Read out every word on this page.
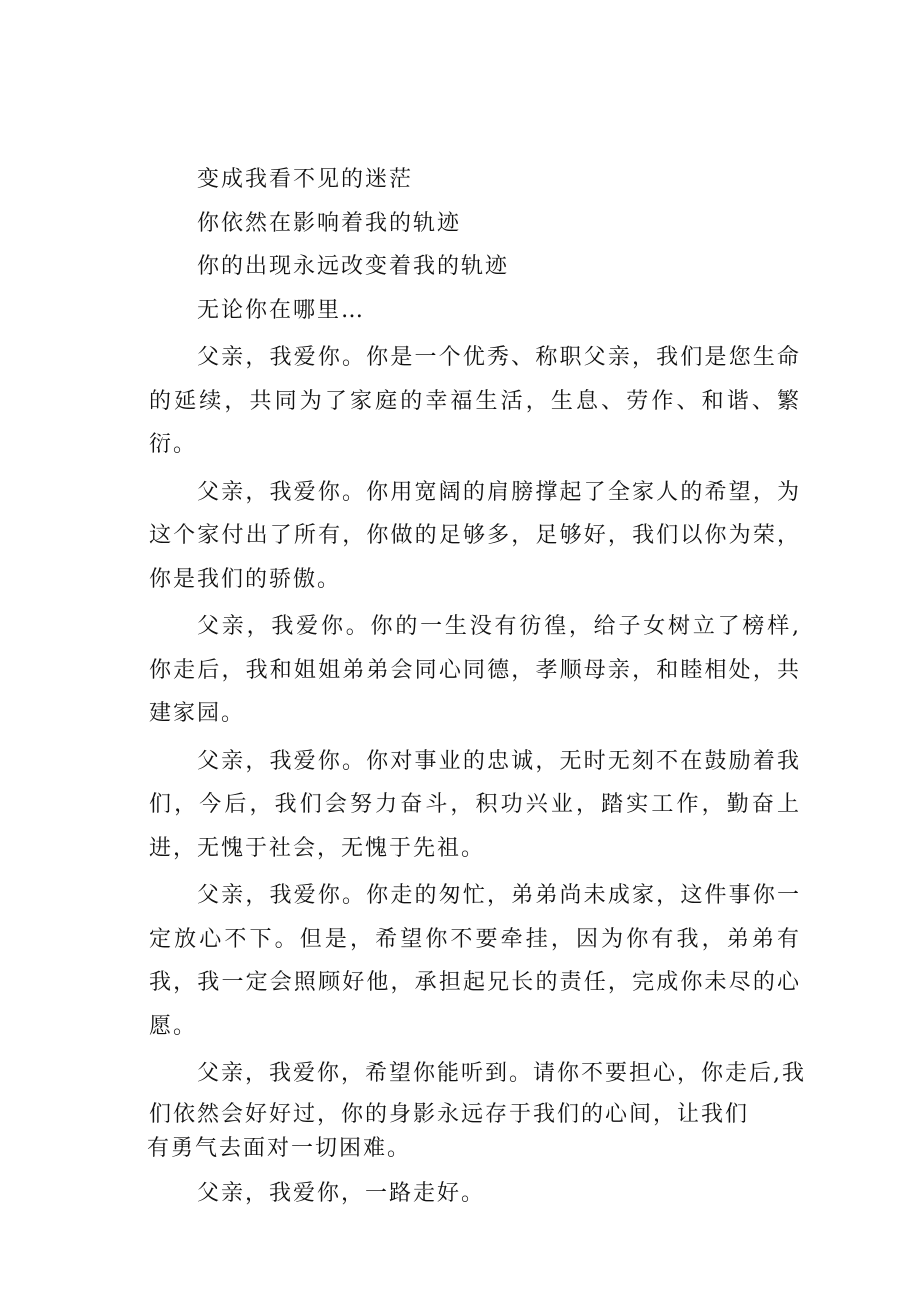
变成我看不见的迷茫

你依然在影响着我的轨迹

你的出现永远改变着我的轨迹

无论你在哪里…

父亲，我爱你。你是一个优秀、称职父亲，我们是您生命的延续，共同为了家庭的幸福生活，生息、劳作、和谐、繁衍。

父亲，我爱你。你用宽阔的肩膀撑起了全家人的希望，为这个家付出了所有，你做的足够多，足够好，我们以你为荣，你是我们的骄傲。

父亲，我爱你。你的一生没有彷徨，给子女树立了榜样,你走后，我和姐姐弟弟会同心同德，孝顺母亲，和睦相处，共建家园。

父亲，我爱你。你对事业的忠诚，无时无刻不在鼓励着我们，今后，我们会努力奋斗，积功兴业，踏实工作，勤奋上进，无愧于社会，无愧于先祖。

父亲，我爱你。你走的匆忙，弟弟尚未成家，这件事你一定放心不下。但是，希望你不要牵挂，因为你有我，弟弟有我，我一定会照顾好他，承担起兄长的责任，完成你未尽的心愿。

父亲，我爱你，希望你能听到。请你不要担心，你走后,我
们依然会好好过，你的身影永远存于我们的心间，让我们
有勇气去面对一切困难。

父亲，我爱你，一路走好。
